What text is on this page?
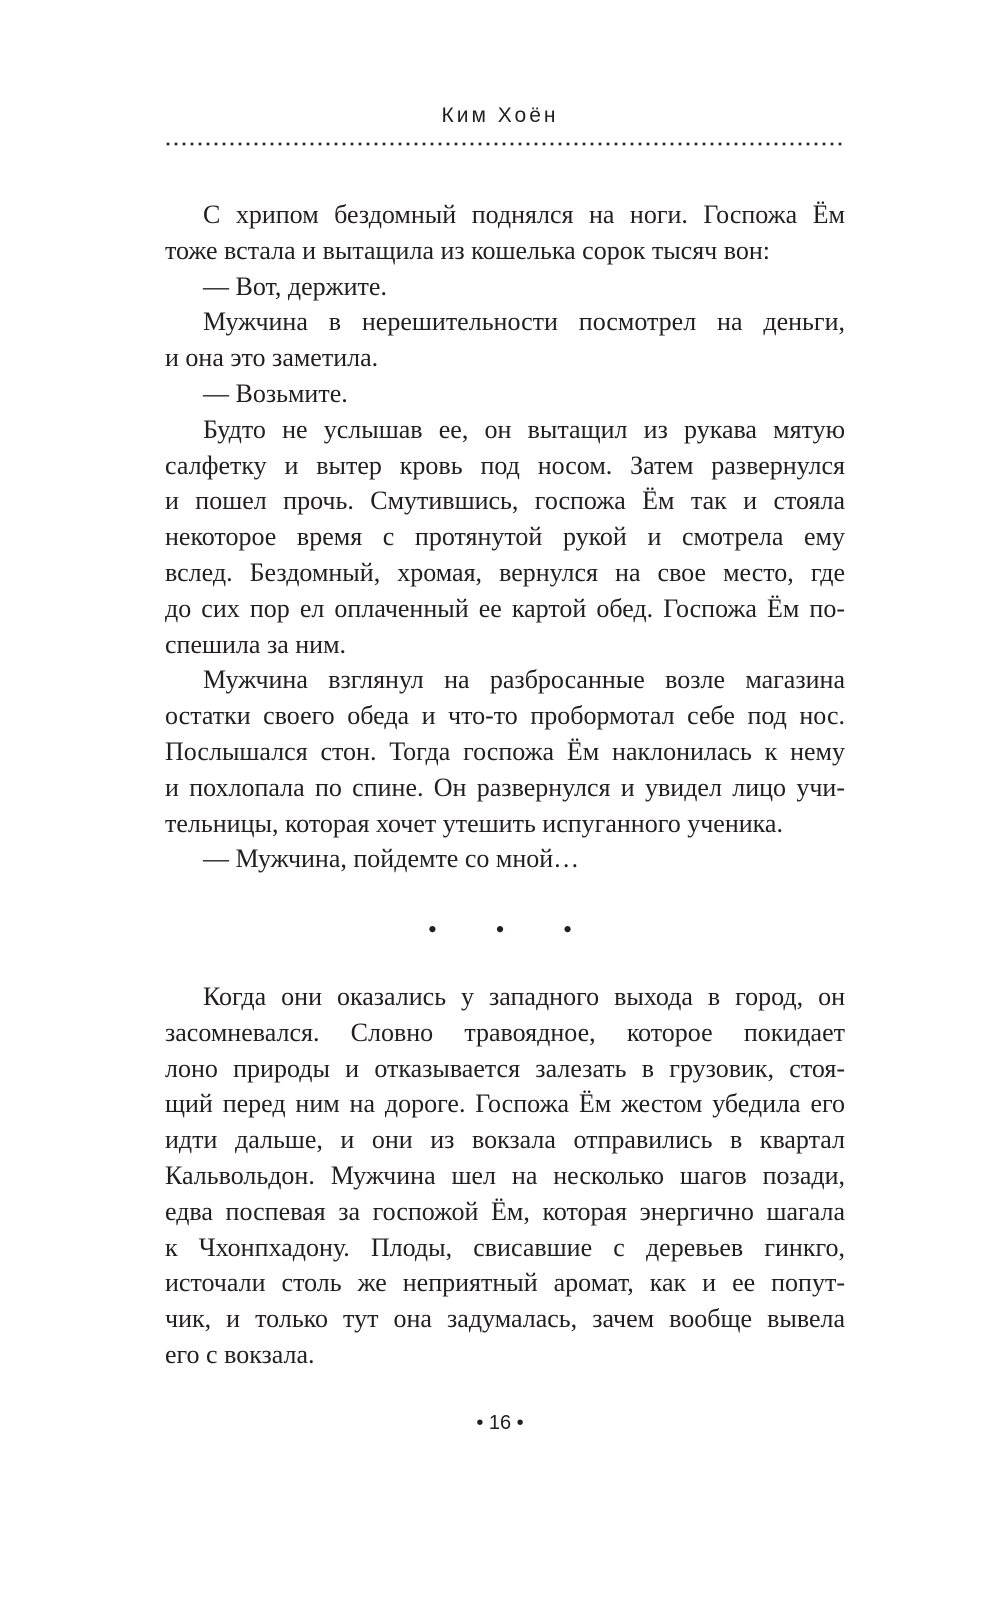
Ким Хоён
С хрипом бездомный поднялся на ноги. Госпожа Ём
тоже встала и вытащила из кошелька сорок тысяч вон:
— Вот, держите.
Мужчина в нерешительности посмотрел на деньги,
и она это заметила.
— Возьмите.
Будто не услышав ее, он вытащил из рукава мятую
салфетку и вытер кровь под носом. Затем развернулся
и пошел прочь. Смутившись, госпожа Ём так и стояла
некоторое время с протянутой рукой и смотрела ему
вслед. Бездомный, хромая, вернулся на свое место, где
до сих пор ел оплаченный ее картой обед. Госпожа Ём по-
спешила за ним.
Мужчина взглянул на разбросанные возле магазина
остатки своего обеда и что-то пробормотал себе под нос.
Послышался стон. Тогда госпожа Ём наклонилась к нему
и похлопала по спине. Он развернулся и увидел лицо учи-
тельницы, которая хочет утешить испуганного ученика.
— Мужчина, пойдемте со мной…
• • •
Когда они оказались у западного выхода в город, он
засомневался. Словно травоядное, которое покидает
лоно природы и отказывается залезать в грузовик, стоя-
щий перед ним на дороге. Госпожа Ём жестом убедила его
идти дальше, и они из вокзала отправились в квартал
Кальвольдон. Мужчина шел на несколько шагов позади,
едва поспевая за госпожой Ём, которая энергично шагала
к Чхонпхадону. Плоды, свисавшие с деревьев гинкго,
источали столь же неприятный аромат, как и ее попут-
чик, и только тут она задумалась, зачем вообще вывела
его с вокзала.
• 16 •
